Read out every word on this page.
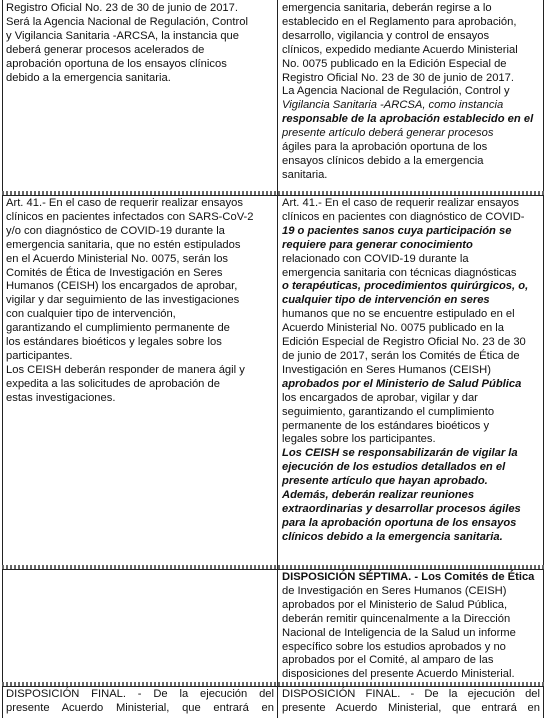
Registro Oficial No. 23 de 30 de junio de 2017.
Será la Agencia Nacional de Regulación, Control
y Vigilancia Sanitaria -ARCSA, la instancia que
deberá generar procesos acelerados de
aprobación oportuna de los ensayos clínicos
debido a la emergencia sanitaria.
emergencia sanitaria, deberán regirse a lo
establecido en el Reglamento para aprobación,
desarrollo, vigilancia y control de ensayos
clínicos, expedido mediante Acuerdo Ministerial
No. 0075 publicado en la Edición Especial de
Registro Oficial No. 23 de 30 de junio de 2017.
La Agencia Nacional de Regulación, Control y
Vigilancia Sanitaria -ARCSA, como instancia
responsable de la aprobación establecido en el
presente artículo deberá generar procesos
ágiles para la aprobación oportuna de los
ensayos clínicos debido a la emergencia
sanitaria.
Art. 41.- En el caso de requerir realizar ensayos
clínicos en pacientes infectados con SARS-CoV-2
y/o con diagnóstico de COVID-19 durante la
emergencia sanitaria, que no estén estipulados
en el Acuerdo Ministerial No. 0075, serán los
Comités de Ética de Investigación en Seres
Humanos (CEISH) los encargados de aprobar,
vigilar y dar seguimiento de las investigaciones
con cualquier tipo de intervención,
garantizando el cumplimiento permanente de
los estándares bioéticos y legales sobre los
participantes.
Los CEISH deberán responder de manera ágil y
expedita a las solicitudes de aprobación de
estas investigaciones.
Art. 41.- En el caso de requerir realizar ensayos
clínicos en pacientes con diagnóstico de COVID-
19 o pacientes sanos cuya participación se
requiere para generar conocimiento
relacionado con COVID-19 durante la
emergencia sanitaria con técnicas diagnósticas
o terapéuticas, procedimientos quirúrgicos, o,
cualquier tipo de intervención en seres
humanos que no se encuentre estipulado en el
Acuerdo Ministerial No. 0075 publicado en la
Edición Especial de Registro Oficial No. 23 de 30
de junio de 2017, serán los Comités de Ética de
Investigación en Seres Humanos (CEISH)
aprobados por el Ministerio de Salud Pública
los encargados de aprobar, vigilar y dar
seguimiento, garantizando el cumplimiento
permanente de los estándares bioéticos y
legales sobre los participantes.
Los CEISH se responsabilizarán de vigilar la
ejecución de los estudios detallados en el
presente artículo que hayan aprobado.
Además, deberán realizar reuniones
extraordinarias y desarrollar procesos ágiles
para la aprobación oportuna de los ensayos
clínicos debido a la emergencia sanitaria.
DISPOSICIÓN SÉPTIMA. - Los Comités de Ética
de Investigación en Seres Humanos (CEISH)
aprobados por el Ministerio de Salud Pública,
deberán remitir quincenalmente a la Dirección
Nacional de Inteligencia de la Salud un informe
específico sobre los estudios aprobados y no
aprobados por el Comité, al amparo de las
disposiciones del presente Acuerdo Ministerial.
DISPOSICIÓN FINAL. - De la ejecución del
presente Acuerdo Ministerial, que entrará en
DISPOSICIÓN FINAL. - De la ejecución del
presente Acuerdo Ministerial, que entrará en
